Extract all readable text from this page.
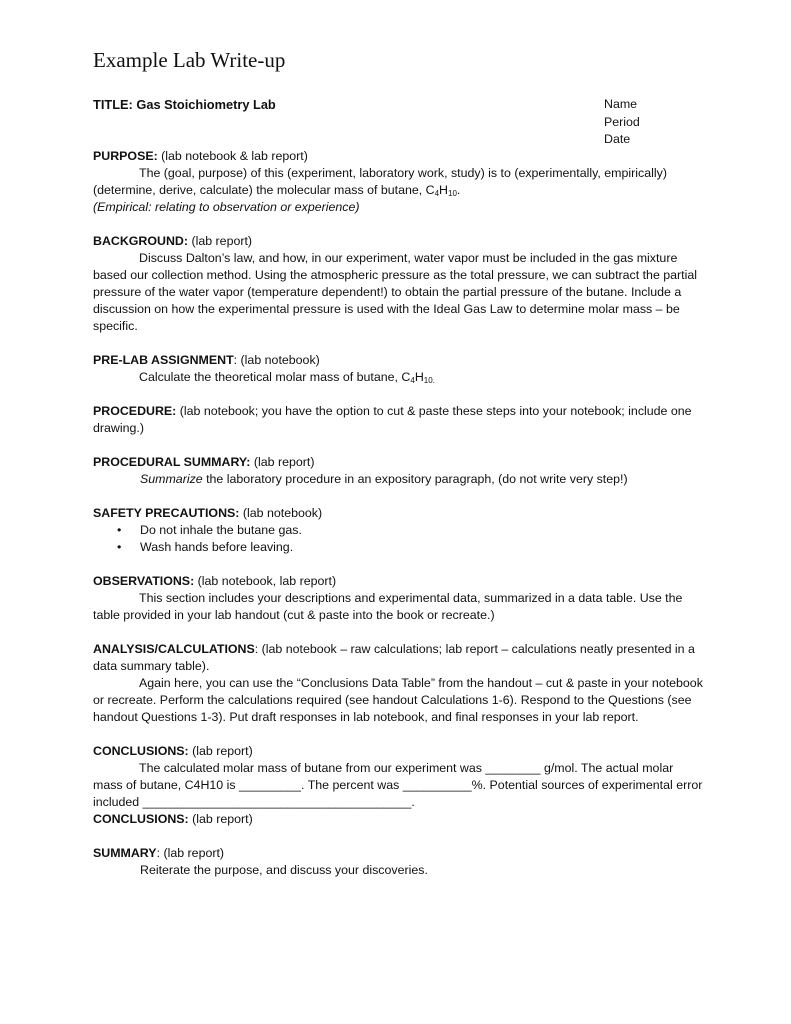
Example Lab Write-up
TITLE: Gas Stoichiometry Lab	Name
Period
Date
PURPOSE: (lab notebook & lab report)
The (goal, purpose) of this (experiment, laboratory work, study) is to (experimentally, empirically) (determine, derive, calculate) the molecular mass of butane, $C_4H_{10}$.
(Empirical: relating to observation or experience)
BACKGROUND: (lab report)
Discuss Dalton’s law, and how, in our experiment, water vapor must be included in the gas mixture based our collection method. Using the atmospheric pressure as the total pressure, we can subtract the partial pressure of the water vapor (temperature dependent!) to obtain the partial pressure of the butane. Include a discussion on how the experimental pressure is used with the Ideal Gas Law to determine molar mass – be specific.
PRE-LAB ASSIGNMENT: (lab notebook)
Calculate the theoretical molar mass of butane, $C_4H_{10.}$
PROCEDURE: (lab notebook; you have the option to cut & paste these steps into your notebook; include one drawing.)
PROCEDURAL SUMMARY: (lab report)
Summarize the laboratory procedure in an expository paragraph, (do not write very step!)
SAFETY PRECAUTIONS: (lab notebook)
• Do not inhale the butane gas.
• Wash hands before leaving.
OBSERVATIONS: (lab notebook, lab report)
This section includes your descriptions and experimental data, summarized in a data table. Use the table provided in your lab handout (cut & paste into the book or recreate.)
ANALYSIS/CALCULATIONS: (lab notebook – raw calculations; lab report – calculations neatly presented in a data summary table).
Again here, you can use the “Conclusions Data Table” from the handout – cut & paste in your notebook or recreate. Perform the calculations required (see handout Calculations 1-6). Respond to the Questions (see handout Questions 1-3). Put draft responses in lab notebook, and final responses in your lab report.
CONCLUSIONS: (lab report)
The calculated molar mass of butane from our experiment was ________ g/mol. The actual molar mass of butane, C4H10 is _________. The percent was __________%. Potential sources of experimental error included _______________________________________.
CONCLUSIONS: (lab report)
SUMMARY: (lab report)
Reiterate the purpose, and discuss your discoveries.
